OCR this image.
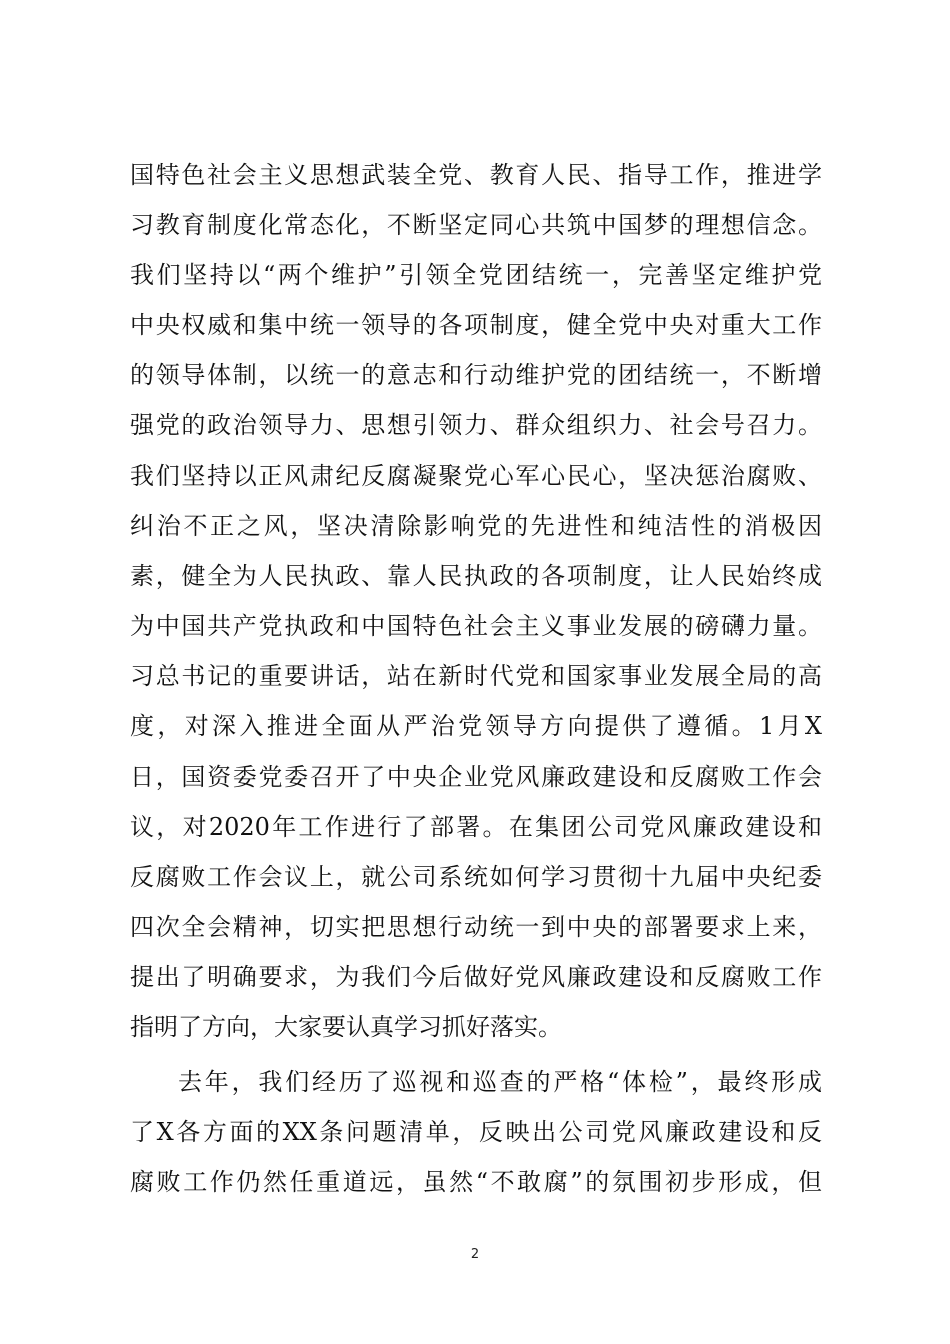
国特色社会主义思想武装全党、教育人民、指导工作，推进学
习教育制度化常态化，不断坚定同心共筑中国梦的理想信念。
我们坚持以“两个维护”引领全党团结统一，完善坚定维护党
中央权威和集中统一领导的各项制度，健全党中央对重大工作
的领导体制，以统一的意志和行动维护党的团结统一，不断增
强党的政治领导力、思想引领力、群众组织力、社会号召力。
我们坚持以正风肃纪反腐凝聚党心军心民心，坚决惩治腐败、
纠治不正之风，坚决清除影响党的先进性和纯洁性的消极因
素，健全为人民执政、靠人民执政的各项制度，让人民始终成
为中国共产党执政和中国特色社会主义事业发展的磅礴力量。
习总书记的重要讲话，站在新时代党和国家事业发展全局的高
度，对深入推进全面从严治党领导方向提供了遵循。1月X
日，国资委党委召开了中央企业党风廉政建设和反腐败工作会
议，对2020年工作进行了部署。在集团公司党风廉政建设和
反腐败工作会议上，就公司系统如何学习贯彻十九届中央纪委
四次全会精神，切实把思想行动统一到中央的部署要求上来，
提出了明确要求，为我们今后做好党风廉政建设和反腐败工作
指明了方向，大家要认真学习抓好落实。
去年，我们经历了巡视和巡查的严格“体检”，最终形成
了X各方面的XX条问题清单，反映出公司党风廉政建设和反
腐败工作仍然任重道远，虽然“不敢腐”的氛围初步形成，但
2
